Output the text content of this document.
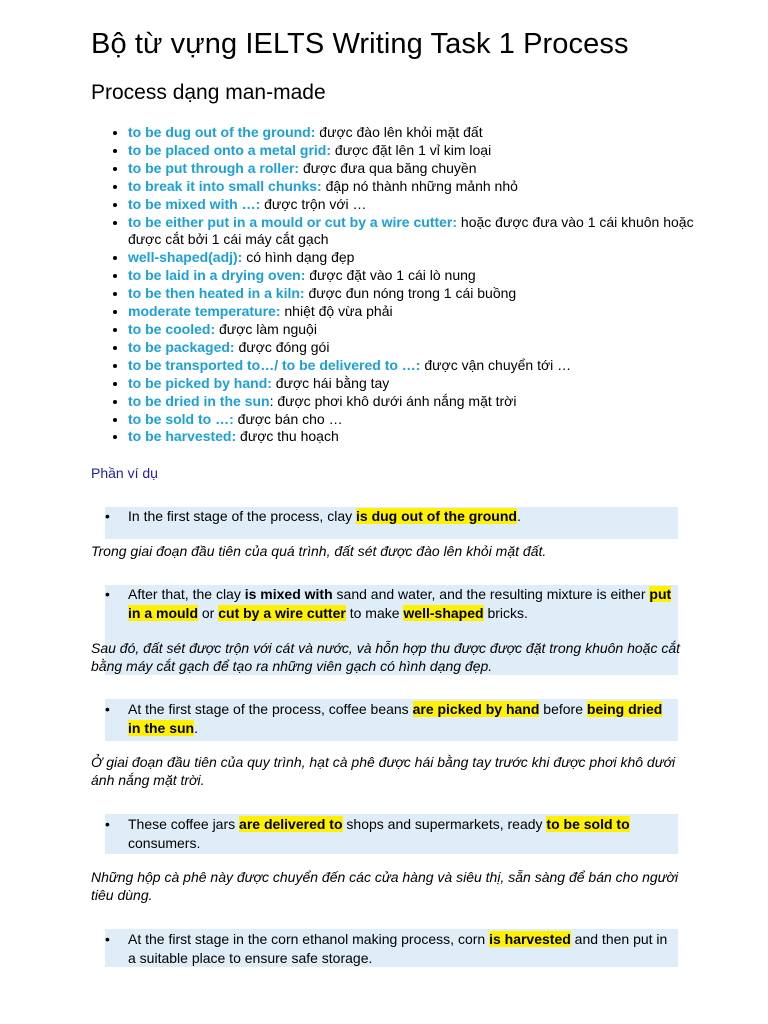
Bộ từ vựng IELTS Writing Task 1 Process
Process dạng man-made
• to be dug out of the ground: được đào lên khỏi mặt đất
• to be placed onto a metal grid: được đặt lên 1 vỉ kim loại
• to be put through a roller: được đưa qua băng chuyền
• to break it into small chunks: đập nó thành những mảnh nhỏ
• to be mixed with …: được trộn với …
• to be either put in a mould or cut by a wire cutter: hoặc được đưa vào 1 cái khuôn hoặc được cắt bởi 1 cái máy cắt gạch
• well-shaped(adj): có hình dạng đẹp
• to be laid in a drying oven: được đặt vào 1 cái lò nung
• to be then heated in a kiln: được đun nóng trong 1 cái buồng
• moderate temperature: nhiệt độ vừa phải
• to be cooled: được làm nguội
• to be packaged: được đóng gói
• to be transported to…/ to be delivered to …: được vận chuyển tới …
• to be picked by hand: được hái bằng tay
• to be dried in the sun: được phơi khô dưới ánh nắng mặt trời
• to be sold to …: được bán cho …
• to be harvested: được thu hoạch

Phần ví dụ

•	In the first stage of the process, clay is dug out of the ground.

Trong giai đoạn đầu tiên của quá trình, đất sét được đào lên khỏi mặt đất.

•	After that, the clay is mixed with sand and water, and the resulting mixture is either put in a mould or cut by a wire cutter to make well-shaped bricks.

Sau đó, đất sét được trộn với cát và nước, và hỗn hợp thu được được đặt trong khuôn hoặc cắt bằng máy cắt gạch để tạo ra những viên gạch có hình dạng đẹp.

•	At the first stage of the process, coffee beans are picked by hand before being dried in the sun.

Ở giai đoạn đầu tiên của quy trình, hạt cà phê được hái bằng tay trước khi được phơi khô dưới ánh nắng mặt trời.

•	These coffee jars are delivered to shops and supermarkets, ready to be sold to consumers.

Những hộp cà phê này được chuyển đến các cửa hàng và siêu thị, sẵn sàng để bán cho người tiêu dùng.

•	At the first stage in the corn ethanol making process, corn is harvested and then put in a suitable place to ensure safe storage.
